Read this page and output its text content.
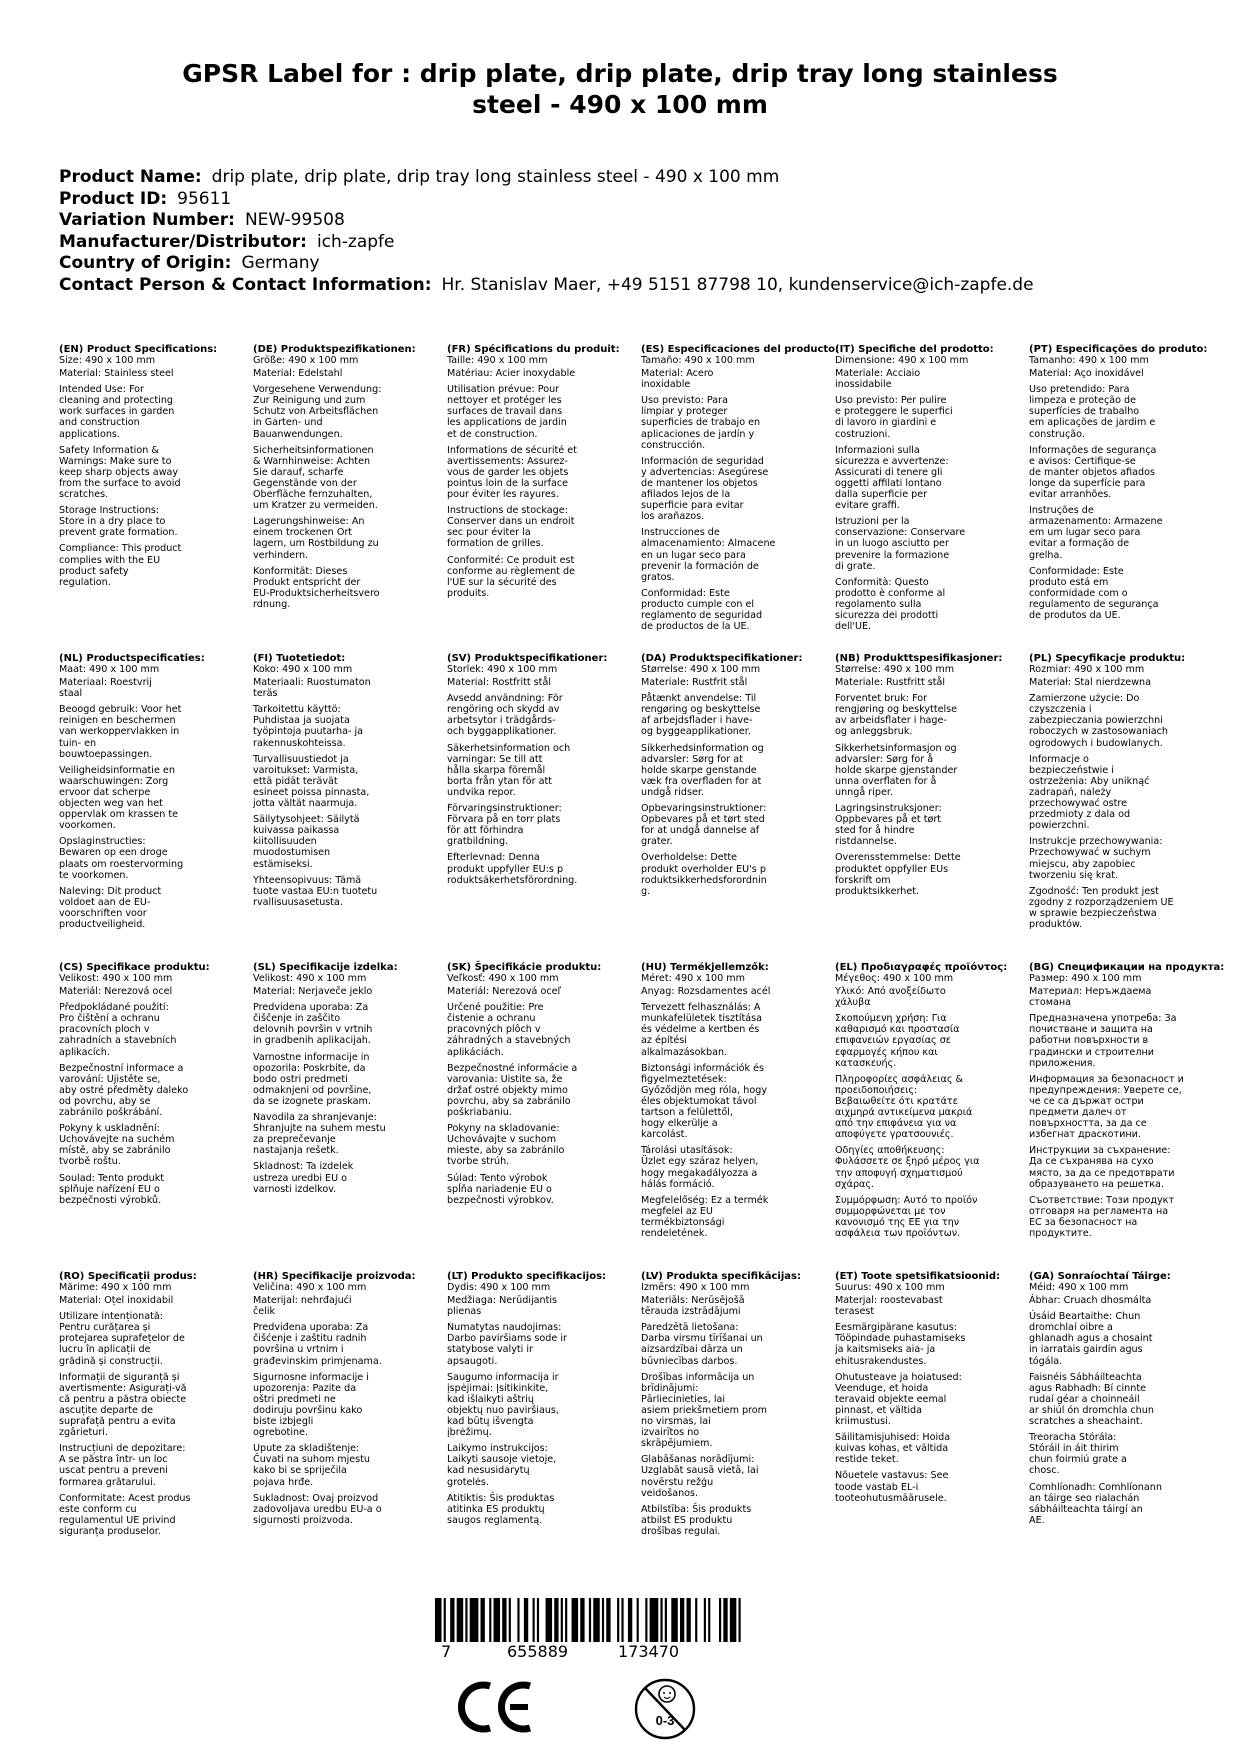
GPSR Label for : drip plate, drip plate, drip tray long stainless
steel - 490 x 100 mm
Product Name: drip plate, drip plate, drip tray long stainless steel - 490 x 100 mm
Product ID: 95611
Variation Number: NEW-99508
Manufacturer/Distributor: ich-zapfe
Country of Origin: Germany
Contact Person & Contact Information: Hr. Stanislav Maer, +49 5151 87798 10, kundenservice@ich-zapfe.de
(EN) Product Specifications:
Size: 490 x 100 mm
Material: Stainless steel
Intended Use: For
cleaning and protecting
work surfaces in garden
and construction
applications.
Safety Information &
Warnings: Make sure to
keep sharp objects away
from the surface to avoid
scratches.
Storage Instructions:
Store in a dry place to
prevent grate formation.
Compliance: This product
complies with the EU
product safety
regulation.
(DE) Produktspezifikationen:
Größe: 490 x 100 mm
Material: Edelstahl
Vorgesehene Verwendung:
Zur Reinigung und zum
Schutz von Arbeitsflächen
in Garten- und
Bauanwendungen.
Sicherheitsinformationen
& Warnhinweise: Achten
Sie darauf, scharfe
Gegenstände von der
Oberfläche fernzuhalten,
um Kratzer zu vermeiden.
Lagerungshinweise: An
einem trockenen Ort
lagern, um Rostbildung zu
verhindern.
Konformität: Dieses
Produkt entspricht der
EU-Produktsicherheitsvero
rdnung.
(FR) Spécifications du produit:
Taille: 490 x 100 mm
Matériau: Acier inoxydable
Utilisation prévue: Pour
nettoyer et protéger les
surfaces de travail dans
les applications de jardin
et de construction.
Informations de sécurité et
avertissements: Assurez-
vous de garder les objets
pointus loin de la surface
pour éviter les rayures.
Instructions de stockage:
Conserver dans un endroit
sec pour éviter la
formation de grilles.
Conformité: Ce produit est
conforme au règlement de
l'UE sur la sécurité des
produits.
(ES) Especificaciones del producto:
Tamaño: 490 x 100 mm
Material: Acero
inoxidable
Uso previsto: Para
limpiar y proteger
superficies de trabajo en
aplicaciones de jardín y
construcción.
Información de seguridad
y advertencias: Asegúrese
de mantener los objetos
afilados lejos de la
superficie para evitar
los arañazos.
Instrucciones de
almacenamiento: Almacene
en un lugar seco para
prevenir la formación de
gratos.
Conformidad: Este
producto cumple con el
reglamento de seguridad
de productos de la UE.
(IT) Specifiche del prodotto:
Dimensione: 490 x 100 mm
Materiale: Acciaio
inossidabile
Uso previsto: Per pulire
e proteggere le superfici
di lavoro in giardini e
costruzioni.
Informazioni sulla
sicurezza e avvertenze:
Assicurati di tenere gli
oggetti affilati lontano
dalla superficie per
evitare graffi.
Istruzioni per la
conservazione: Conservare
in un luogo asciutto per
prevenire la formazione
di grate.
Conformità: Questo
prodotto è conforme al
regolamento sulla
sicurezza dei prodotti
dell'UE.
(PT) Especificações do produto:
Tamanho: 490 x 100 mm
Material: Aço inoxidável
Uso pretendido: Para
limpeza e proteção de
superfícies de trabalho
em aplicações de jardim e
construção.
Informações de segurança
e avisos: Certifique-se
de manter objetos afiados
longe da superfície para
evitar arranhões.
Instruções de
armazenamento: Armazene
em um lugar seco para
evitar a formação de
grelha.
Conformidade: Este
produto está em
conformidade com o
regulamento de segurança
de produtos da UE.
(NL) Productspecificaties:
Maat: 490 x 100 mm
Materiaal: Roestvrij
staal
Beoogd gebruik: Voor het
reinigen en beschermen
van werkoppervlakken in
tuin- en
bouwtoepassingen.
Veiligheidsinformatie en
waarschuwingen: Zorg
ervoor dat scherpe
objecten weg van het
oppervlak om krassen te
voorkomen.
Opslaginstructies:
Bewaren op een droge
plaats om roestervorming
te voorkomen.
Naleving: Dit product
voldoet aan de EU-
voorschriften voor
productveiligheid.
(FI) Tuotetiedot:
Koko: 490 x 100 mm
Materiaali: Ruostumaton
teräs
Tarkoitettu käyttö:
Puhdistaa ja suojata
työpintoja puutarha- ja
rakennuskohteissa.
Turvallisuustiedot ja
varoitukset: Varmista,
että pidät terävät
esineet poissa pinnasta,
jotta vältät naarmuja.
Säilytysohjeet: Säilytä
kuivassa paikassa
kiitollisuuden
muodostumisen
estämiseksi.
Yhteensopivuus: Tämä
tuote vastaa EU:n tuotetu
rvallisuusasetusta.
(SV) Produktspecifikationer:
Storlek: 490 x 100 mm
Material: Rostfritt stål
Avsedd användning: För
rengöring och skydd av
arbetsytor i trädgårds-
och byggapplikationer.
Säkerhetsinformation och
varningar: Se till att
hålla skarpa föremål
borta från ytan för att
undvika repor.
Förvaringsinstruktioner:
Förvara på en torr plats
för att förhindra
gratbildning.
Efterlevnad: Denna
produkt uppfyller EU:s p
roduktsäkerhetsförordning.
(DA) Produktspecifikationer:
Størrelse: 490 x 100 mm
Materiale: Rustfrit stål
Påtænkt anvendelse: Til
rengøring og beskyttelse
af arbejdsflader i have-
og byggeapplikationer.
Sikkerhedsinformation og
advarsler: Sørg for at
holde skarpe genstande
væk fra overfladen for at
undgå ridser.
Opbevaringsinstruktioner:
Opbevares på et tørt sted
for at undgå dannelse af
grater.
Overholdelse: Dette
produkt overholder EU's p
roduktsikkerhedsforordnin
g.
(NB) Produkttspesifikasjoner:
Størrelse: 490 x 100 mm
Materiale: Rustfritt stål
Forventet bruk: For
rengjøring og beskyttelse
av arbeidsflater i hage-
og anleggsbruk.
Sikkerhetsinformasjon og
advarsler: Sørg for å
holde skarpe gjenstander
unna overflaten for å
unngå riper.
Lagringsinstruksjoner:
Oppbevares på et tørt
sted for å hindre
ristdannelse.
Overensstemmelse: Dette
produktet oppfyller EUs
forskrift om
produktsikkerhet.
(PL) Specyfikacje produktu:
Rozmiar: 490 x 100 mm
Materiał: Stal nierdzewna
Zamierzone użycie: Do
czyszczenia i
zabezpieczania powierzchni
roboczych w zastosowaniach
ogrodowych i budowlanych.
Informacje o
bezpieczeństwie i
ostrzeżenia: Aby uniknąć
zadrapań, należy
przechowywać ostre
przedmioty z dala od
powierzchni.
Instrukcje przechowywania:
Przechowywać w suchym
miejscu, aby zapobiec
tworzeniu się krat.
Zgodność: Ten produkt jest
zgodny z rozporządzeniem UE
w sprawie bezpieczeństwa
produktów.
(CS) Specifikace produktu:
Velikost: 490 x 100 mm
Materiál: Nerezová ocel
Předpokládané použití:
Pro čištění a ochranu
pracovních ploch v
zahradních a stavebních
aplikacích.
Bezpečnostní informace a
varování: Ujistěte se,
aby ostré předměty daleko
od povrchu, aby se
zabránilo poškrábání.
Pokyny k uskladnění:
Uchovávejte na suchém
místě, aby se zabránilo
tvorbě roštu.
Soulad: Tento produkt
splňuje nařízení EU o
bezpečnosti výrobků.
(SL) Specifikacije izdelka:
Velikost: 490 x 100 mm
Material: Nerjaveče jeklo
Predvidena uporaba: Za
čiščenje in zaščito
delovnih površin v vrtnih
in gradbenih aplikacijah.
Varnostne informacije in
opozorila: Poskrbite, da
bodo ostri predmeti
odmaknjeni od površine,
da se izognete praskam.
Navodila za shranjevanje:
Shranjujte na suhem mestu
za preprečevanje
nastajanja rešetk.
Skladnost: Ta izdelek
ustreza uredbi EU o
varnosti izdelkov.
(SK) Špecifikácie produktu:
Veľkosť: 490 x 100 mm
Materiál: Nerezová oceľ
Určené použitie: Pre
čistenie a ochranu
pracovných plôch v
záhradných a stavebných
aplikáciách.
Bezpečnostné informácie a
varovania: Uistite sa, že
držať ostré objekty mimo
povrchu, aby sa zabránilo
poškriabaniu.
Pokyny na skladovanie:
Uchovávajte v suchom
mieste, aby sa zabránilo
tvorbe strúh.
Súlad: Tento výrobok
spĺňa nariadenie EU o
bezpečnosti výrobkov.
(HU) Termékjellemzők:
Méret: 490 x 100 mm
Anyag: Rozsdamentes acél
Tervezett felhasználás: A
munkafelületek tisztítása
és védelme a kertben és
az építési
alkalmazásokban.
Biztonsági információk és
figyelmeztetések:
Győződjön meg róla, hogy
éles objektumokat távol
tartson a felülettől,
hogy elkerülje a
karcolást.
Tárolási utasítások:
Üzlet egy száraz helyen,
hogy megakadályozza a
hálás formáció.
Megfelelőség: Ez a termék
megfelel az EU
termékbiztonsági
rendeletének.
(EL) Προδιαγραφές προϊόντος:
Μέγεθος: 490 x 100 mm
Υλικό: Από ανοξείδωτο
χάλυβα
Σκοπούμενη χρήση: Για
καθαρισμό και προστασία
επιφανειών εργασίας σε
εφαρμογές κήπου και
κατασκευής.
Πληροφορίες ασφάλειας &
προειδοποιήσεις:
Βεβαιωθείτε ότι κρατάτε
αιχμηρά αντικείμενα μακριά
από την επιφάνεια για να
αποφύγετε γρατσουνιές.
Οδηγίες αποθήκευσης:
Φυλάσσετε σε ξηρό μέρος για
την αποφυγή σχηματισμού
σχάρας.
Συμμόρφωση: Αυτό το προϊόν
συμμορφώνεται με τον
κανονισμό της ΕΕ για την
ασφάλεια των προϊόντων.
(BG) Спецификации на продукта:
Размер: 490 x 100 mm
Материал: Неръждаема
стомана
Предназначена употреба: За
почистване и защита на
работни повърхности в
градински и строителни
приложения.
Информация за безопасност и
предупреждения: Уверете се,
че се са държат остри
предмети далеч от
повърхността, за да се
избегнат драскотини.
Инструкции за съхранение:
Да се съхранява на сухо
място, за да се предотврати
образуването на решетка.
Съответствие: Този продукт
отговаря на регламента на
ЕС за безопасност на
продуктите.
(RO) Specificații produs:
Mărime: 490 x 100 mm
Material: Oțel inoxidabil
Utilizare intenționată:
Pentru curățarea și
protejarea suprafețelor de
lucru în aplicații de
grădină și construcții.
Informații de siguranță și
avertismente: Asigurați-vă
că pentru a păstra obiecte
ascuțite departe de
suprafață pentru a evita
zgârieturi.
Instrucțiuni de depozitare:
A se păstra într- un loc
uscat pentru a preveni
formarea grătarului.
Conformitate: Acest produs
este conform cu
regulamentul UE privind
siguranța produselor.
(HR) Specifikacije proizvoda:
Veličina: 490 x 100 mm
Materijal: nehrđajući
čelik
Predviđena uporaba: Za
čišćenje i zaštitu radnih
površina u vrtnim i
građevinskim primjenama.
Sigurnosne informacije i
upozorenja: Pazite da
oštri predmeti ne
dodiruju površinu kako
biste izbjegli
ogrebotine.
Upute za skladištenje:
Čuvati na suhom mjestu
kako bi se spriječila
pojava hrđe.
Sukladnost: Ovaj proizvod
zadovoljava uredbu EU-a o
sigurnosti proizvoda.
(LT) Produkto specifikacijos:
Dydis: 490 x 100 mm
Medžiaga: Nerūdijantis
plienas
Numatytas naudojimas:
Darbo paviršiams sode ir
statybose valyti ir
apsaugoti.
Saugumo informacija ir
įspėjimai: Įsitikinkite,
kad išlaikyti aštrių
objektų nuo paviršiaus,
kad būtų išvengta
įbrėžimų.
Laikymo instrukcijos:
Laikyti sausoje vietoje,
kad nesusidarytų
grotelės.
Atitiktis: Šis produktas
atitinka ES produktų
saugos reglamentą.
(LV) Produkta specifikācijas:
Izmērs: 490 x 100 mm
Materiāls: Nerūsējošā
tērauda izstrādājumi
Paredzētā lietošana:
Darba virsmu tīrīšanai un
aizsardzībai dārza un
būvniecības darbos.
Drošības informācija un
brīdinājumi:
Pārliecinieties, lai
asiem priekšmetiem prom
no virsmas, lai
izvairītos no
skrāpējumiem.
Glabāšanas norādījumi:
Uzglabāt sausā vietā, lai
novērstu režģu
veidošanos.
Atbilstība: Šis produkts
atbilst ES produktu
drošības regulai.
(ET) Toote spetsifikatsioonid:
Suurus: 490 x 100 mm
Materjal: roostevabast
terasest
Eesmärgipärane kasutus:
Tööpindade puhastamiseks
ja kaitsmiseks aia- ja
ehitusrakendustes.
Ohutusteave ja hoiatused:
Veenduge, et hoida
teravaid objekte eemal
pinnast, et vältida
kriimustusi.
Säilitamisjuhised: Hoida
kuivas kohas, et vältida
restide teket.
Nõuetele vastavus: See
toode vastab EL-i
tooteohutusmäärusele.
(GA) Sonraíochtaí Táirge:
Méid: 490 x 100 mm
Ábhar: Cruach dhosmálta
Úsáid Beartaithe: Chun
dromchlaí oibre a
ghlanadh agus a chosaint
in iarratais gairdín agus
tógála.
Faisnéis Sábháilteachta
agus Rabhadh: Bí cinnte
rudaí géar a choinneáil
ar shiúl ón dromchla chun
scratches a sheachaint.
Treoracha Stórála:
Stóráil in áit thirim
chun foirmiú grate a
chosc.
Comhlíonadh: Comhlíonann
an táirge seo rialachán
sábháilteachta táirgí an
AE.
7	655889	173470
0-3
